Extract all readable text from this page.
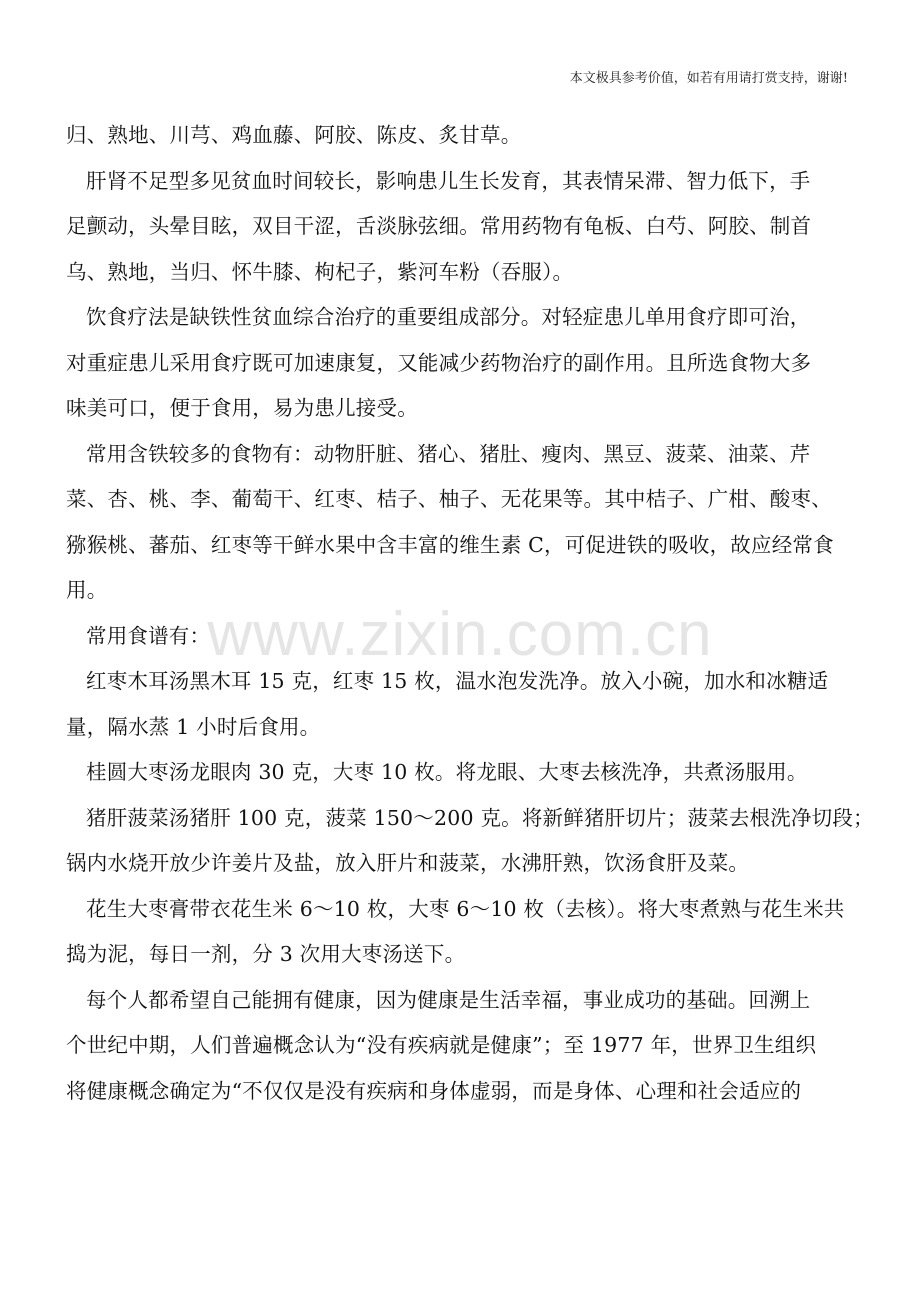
本文极具参考价值，如若有用请打赏支持，谢谢!
www.zixin.com.cn

归、熟地、川芎、鸡血藤、阿胶、陈皮、炙甘草。

肝肾不足型多见贫血时间较长，影响患儿生长发育，其表情呆滞、智力低下，手
足颤动，头晕目眩，双目干涩，舌淡脉弦细。常用药物有龟板、白芍、阿胶、制首
乌、熟地，当归、怀牛膝、枸杞子，紫河车粉（吞服）。

饮食疗法是缺铁性贫血综合治疗的重要组成部分。对轻症患儿单用食疗即可治，
对重症患儿采用食疗既可加速康复，又能减少药物治疗的副作用。且所选食物大多
味美可口，便于食用，易为患儿接受。

常用含铁较多的食物有：动物肝脏、猪心、猪肚、瘦肉、黑豆、菠菜、油菜、芹
菜、杏、桃、李、葡萄干、红枣、桔子、柚子、无花果等。其中桔子、广柑、酸枣、
猕猴桃、蕃茄、红枣等干鲜水果中含丰富的维生素 C，可促进铁的吸收，故应经常食
用。

常用食谱有：

红枣木耳汤黑木耳 15 克，红枣 15 枚，温水泡发洗净。放入小碗，加水和冰糖适
量，隔水蒸 1 小时后食用。

桂圆大枣汤龙眼肉 30 克，大枣 10 枚。将龙眼、大枣去核洗净，共煮汤服用。

猪肝菠菜汤猪肝 100 克，菠菜 150～200 克。将新鲜猪肝切片；菠菜去根洗净切段；
锅内水烧开放少许姜片及盐，放入肝片和菠菜，水沸肝熟，饮汤食肝及菜。

花生大枣膏带衣花生米 6～10 枚，大枣 6～10 枚（去核）。将大枣煮熟与花生米共
捣为泥，每日一剂，分 3 次用大枣汤送下。

每个人都希望自己能拥有健康，因为健康是生活幸福，事业成功的基础。回溯上
个世纪中期，人们普遍概念认为“没有疾病就是健康”；至 1977 年，世界卫生组织
将健康概念确定为“不仅仅是没有疾病和身体虚弱，而是身体、心理和社会适应的
